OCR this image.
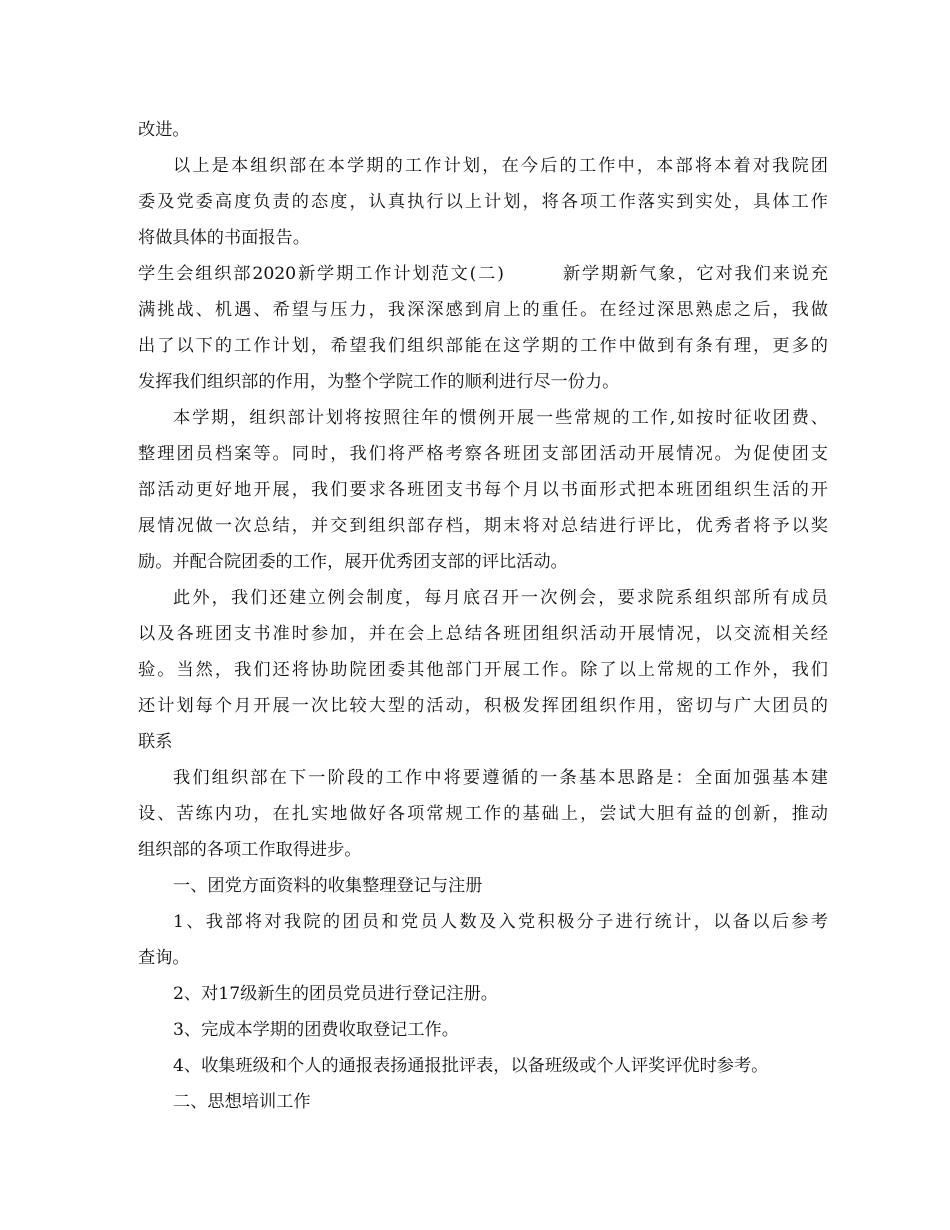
改进。
以上是本组织部在本学期的工作计划，在今后的工作中，本部将本着对我院团
委及党委高度负责的态度，认真执行以上计划，将各项工作落实到实处，具体工作
将做具体的书面报告。
学生会组织部2020新学期工作计划范文(二)　　　新学期新气象，它对我们来说充
满挑战、机遇、希望与压力，我深深感到肩上的重任。在经过深思熟虑之后，我做
出了以下的工作计划，希望我们组织部能在这学期的工作中做到有条有理，更多的
发挥我们组织部的作用，为整个学院工作的顺利进行尽一份力。
本学期，组织部计划将按照往年的惯例开展一些常规的工作,如按时征收团费、
整理团员档案等。同时，我们将严格考察各班团支部团活动开展情况。为促使团支
部活动更好地开展，我们要求各班团支书每个月以书面形式把本班团组织生活的开
展情况做一次总结，并交到组织部存档，期末将对总结进行评比，优秀者将予以奖
励。并配合院团委的工作，展开优秀团支部的评比活动。
此外，我们还建立例会制度，每月底召开一次例会，要求院系组织部所有成员
以及各班团支书准时参加，并在会上总结各班团组织活动开展情况，以交流相关经
验。当然，我们还将协助院团委其他部门开展工作。除了以上常规的工作外，我们
还计划每个月开展一次比较大型的活动，积极发挥团组织作用，密切与广大团员的
联系
我们组织部在下一阶段的工作中将要遵循的一条基本思路是：全面加强基本建
设、苦练内功，在扎实地做好各项常规工作的基础上，尝试大胆有益的创新，推动
组织部的各项工作取得进步。
一、团党方面资料的收集整理登记与注册
1、我部将对我院的团员和党员人数及入党积极分子进行统计，以备以后参考
查询。
2、对17级新生的团员党员进行登记注册。
3、完成本学期的团费收取登记工作。
4、收集班级和个人的通报表扬通报批评表，以备班级或个人评奖评优时参考。
二、思想培训工作
